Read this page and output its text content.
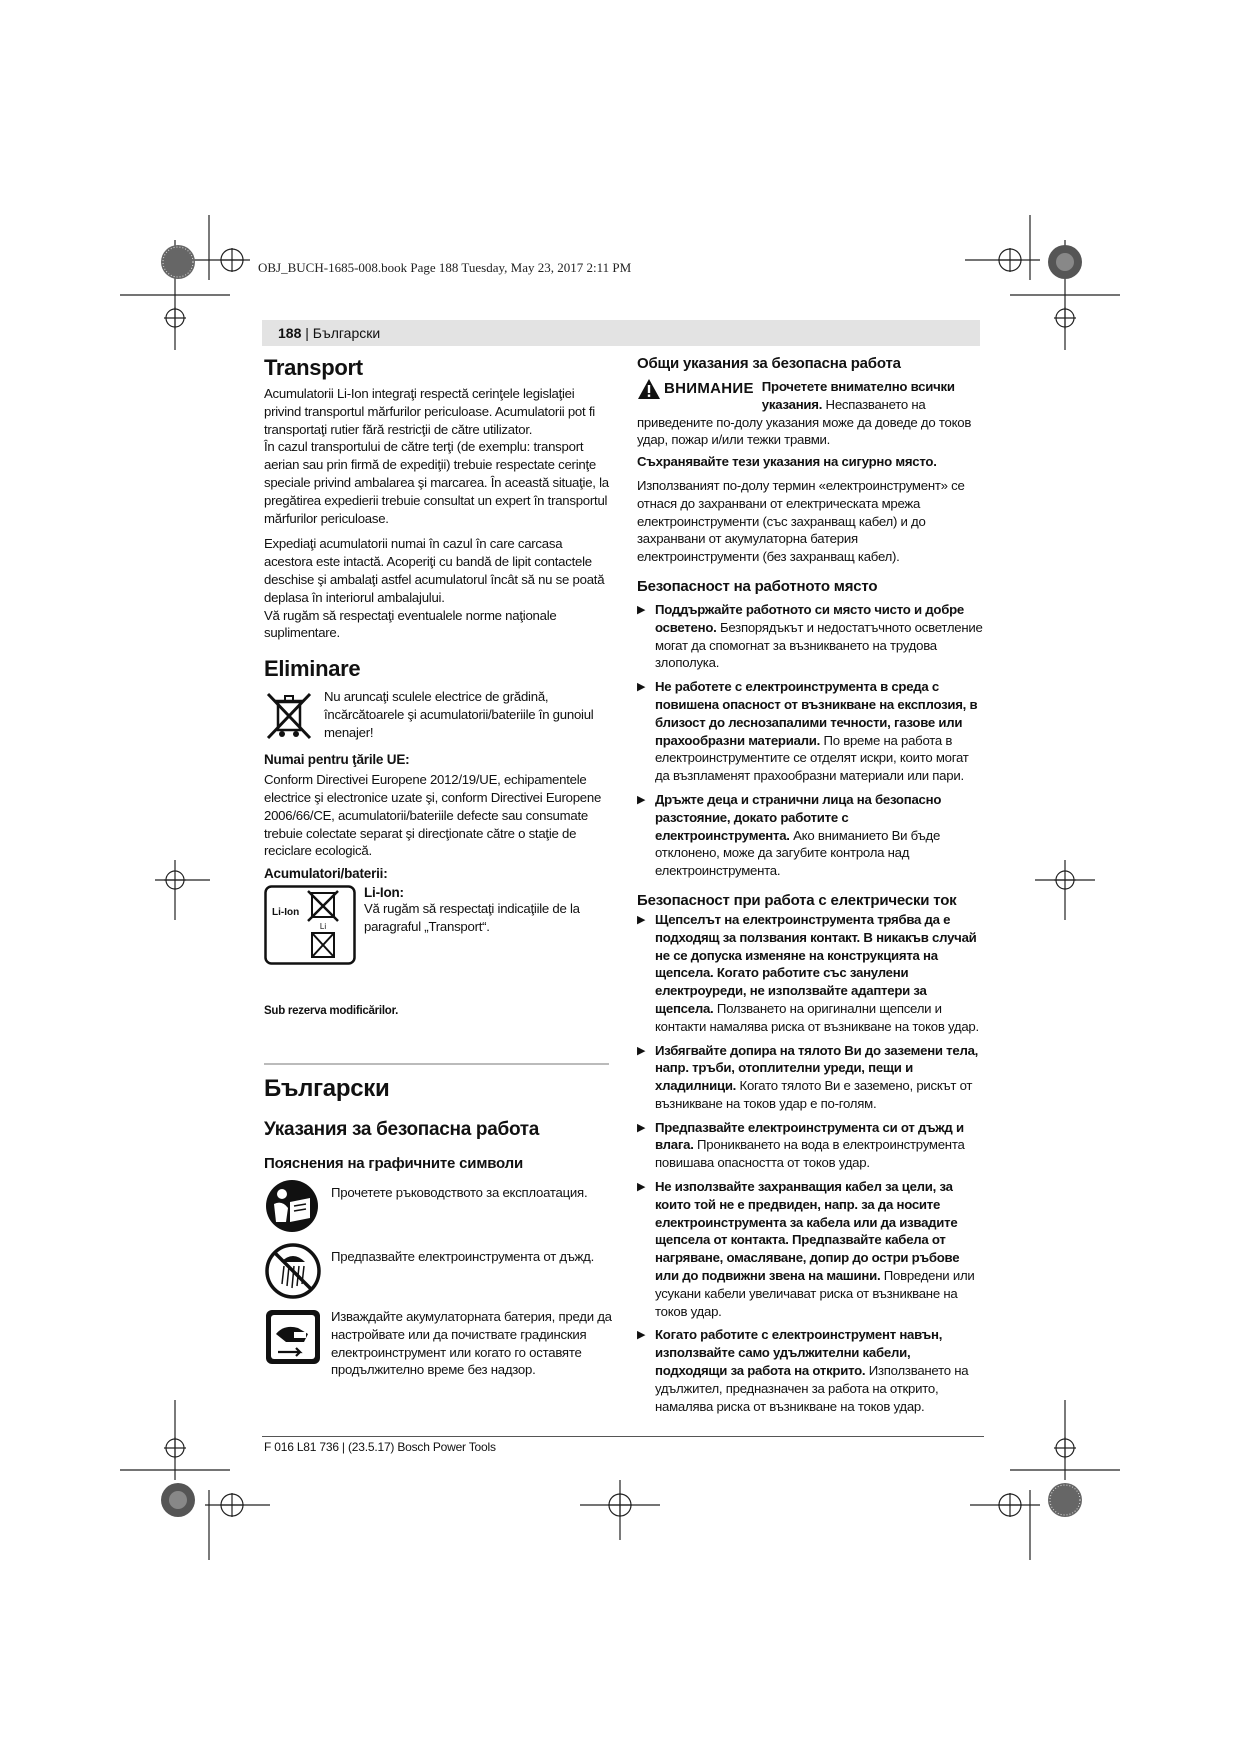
OBJ_BUCH-1685-008.book Page 188 Tuesday, May 23, 2017 2:11 PM
188 | Български
Transport

Acumulatorii Li-Ion integraţi respectă cerinţele legislaţiei privind transportul mărfurilor periculoase. Acumulatorii pot fi transportaţi rutier fără restricţii de către utilizator.

În cazul transportului de către terţi (de exemplu: transport aerian sau prin firmă de expediţii) trebuie respectate cerinţe speciale privind ambalarea şi marcarea. În această situaţie, la pregătirea expedierii trebuie consultat un expert în transportul mărfurilor periculoase.

Expediaţi acumulatorii numai în cazul în care carcasa acestora este intactă. Acoperiţi cu bandă de lipit contactele deschise şi ambalaţi astfel acumulatorul încât să nu se poată deplasa în interiorul ambalajului.

Vă rugăm să respectaţi eventualele norme naţionale suplimentare.

Eliminare

Nu aruncaţi sculele electrice de grădină, încărcătoarele şi acumulatorii/bateriile în gunoiul menajer!

Numai pentru ţările UE:

Conform Directivei Europene 2012/19/UE, echipamentele electrice şi electronice uzate şi, conform Directivei Europene 2006/66/CE, acumulatorii/bateriile defecte sau consumate trebuie colectate separat şi direcţionate către o staţie de reciclare ecologică.

Acumulatori/baterii:
Li-Ion
Li
Li-Ion:

Vă rugăm să respectaţi indicaţiile de la paragraful „Transport“.

Sub rezerva modificărilor.

Български
Указания за безопасна работа
Пояснения на графичните символи

Прочетете ръководството за експлоатация.

Предпазвайте електроинструмента от дъжд.

Изваждайте акумулаторната батерия, преди да настройвате или да почиствате градинския електроинструмент или когато го оставяте продължително време без надзор.

Общи указания за безопасна работа

ВНИМАНИЕ Прочетете внимателно всички указания. Неспазването на приведените по-долу указания може да доведе до токов удар, пожар и/или тежки травми.

Съхранявайте тези указания на сигурно място.

Използваният по-долу термин «електроинструмент» се отнася до захранвани от електрическата мрежа електроинструменти (със захранващ кабел) и до захранвани от акумулаторна батерия електроинструменти (без захранващ кабел).

Безопасност на работното място
▶ Поддържайте работното си място чисто и добре осветено. Безпорядъкът и недостатъчното осветление могат да спомогнат за възникването на трудова злополука.

▶ Не работете с електроинструмента в среда с повишена опасност от възникване на експлозия, в близост до леснозапалими течности, газове или прахообразни материали. По време на работа в електроинструментите се отделят искри, които могат да възпламенят прахообразни материали или пари.

▶ Дръжте деца и странични лица на безопасно разстояние, докато работите с електроинструмента. Ако вниманието Ви бъде отклонено, може да загубите контрола над електроинструмента.

Безопасност при работа с електрически ток
▶ Щепселът на електроинструмента трябва да е подходящ за ползвания контакт. В никакъв случай не се допуска изменяне на конструкцията на щепсела. Когато работите със занулени електроуреди, не използвайте адаптери за щепсела. Ползването на оригинални щепсели и контакти намалява риска от възникване на токов удар.

▶ Избягвайте допира на тялото Ви до заземени тела, напр. тръби, отоплителни уреди, пещи и хладилници. Когато тялото Ви е заземено, рискът от възникване на токов удар е по-голям.

▶ Предпазвайте електроинструмента си от дъжд и влага. Проникването на вода в електроинструмента повишава опасността от токов удар.

▶ Не използвайте захранващия кабел за цели, за които той не е предвиден, напр. за да носите електроинструмента за кабела или да извадите щепсела от контакта. Предпазвайте кабела от нагряване, омасляване, допир до остри ръбове или до подвижни звена на машини. Повредени или усукани кабели увеличават риска от възникване на токов удар.

▶ Когато работите с електроинструмент навън, използвайте само удължителни кабели, подходящи за работа на открито. Използването на удължител, предназначен за работа на открито, намалява риска от възникване на токов удар.

F 016 L81 736 | (23.5.17) Bosch Power Tools
